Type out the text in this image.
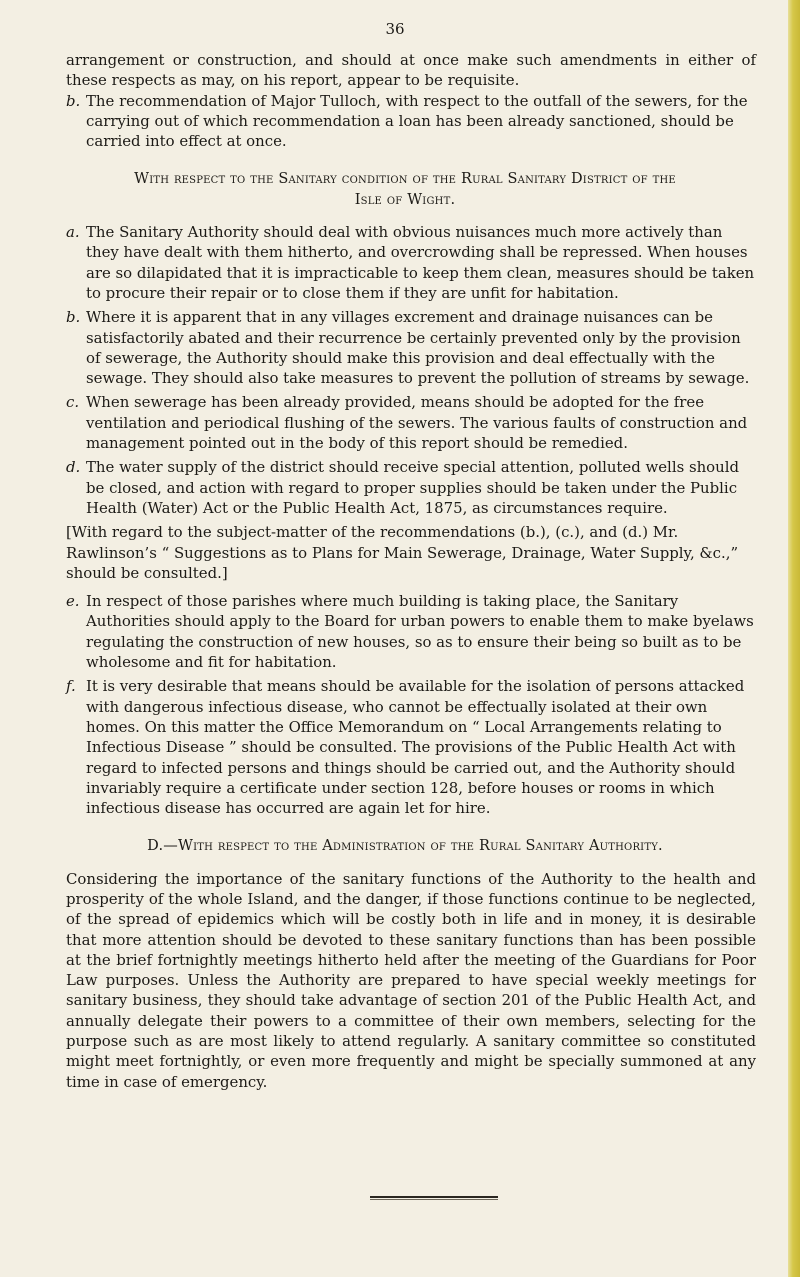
36

arrangement or construction, and should at once make such amendments in either of these respects as may, on his report, appear to be requisite.

b. The recommendation of Major Tulloch, with respect to the outfall of the sewers, for the carrying out of which recommendation a loan has been already sanctioned, should be carried into effect at once.

With respect to the Sanitary condition of the Rural Sanitary District of the
Isle of Wight.

a. The Sanitary Authority should deal with obvious nuisances much more actively than they have dealt with them hitherto, and overcrowding shall be repressed. When houses are so dilapidated that it is impracticable to keep them clean, measures should be taken to procure their repair or to close them if they are unfit for habitation.

b. Where it is apparent that in any villages excrement and drainage nuisances can be satisfactorily abated and their recurrence be certainly prevented only by the provision of sewerage, the Authority should make this provision and deal effectually with the sewage. They should also take measures to prevent the pollution of streams by sewage.

c. When sewerage has been already provided, means should be adopted for the free ventilation and periodical flushing of the sewers. The various faults of construction and management pointed out in the body of this report should be remedied.

d. The water supply of the district should receive special attention, polluted wells should be closed, and action with regard to proper supplies should be taken under the Public Health (Water) Act or the Public Health Act, 1875, as circumstances require.

[With regard to the subject-matter of the recommendations (b.), (c.), and (d.) Mr. Rawlinson’s “ Suggestions as to Plans for Main Sewerage, Drainage, Water Supply, &c.,” should be consulted.]

e. In respect of those parishes where much building is taking place, the Sanitary Authorities should apply to the Board for urban powers to enable them to make byelaws regulating the construction of new houses, so as to ensure their being so built as to be wholesome and fit for habitation.

f. It is very desirable that means should be available for the isolation of persons attacked with dangerous infectious disease, who cannot be effectually isolated at their own homes. On this matter the Office Memorandum on “ Local Arrangements relating to Infectious Disease ” should be consulted. The provisions of the Public Health Act with regard to infected persons and things should be carried out, and the Authority should invariably require a certificate under section 128, before houses or rooms in which infectious disease has occurred are again let for hire.

D.—With respect to the Administration of the Rural Sanitary Authority.

Considering the importance of the sanitary functions of the Authority to the health and prosperity of the whole Island, and the danger, if those functions continue to be neglected, of the spread of epidemics which will be costly both in life and in money, it is desirable that more attention should be devoted to these sanitary functions than has been possible at the brief fortnightly meetings hitherto held after the meeting of the Guardians for Poor Law purposes. Unless the Authority are prepared to have special weekly meetings for sanitary business, they should take advantage of section 201 of the Public Health Act, and annually delegate their powers to a committee of their own members, selecting for the purpose such as are most likely to attend regularly. A sanitary committee so constituted might meet fortnightly, or even more frequently and might be specially summoned at any time in case of emergency.
